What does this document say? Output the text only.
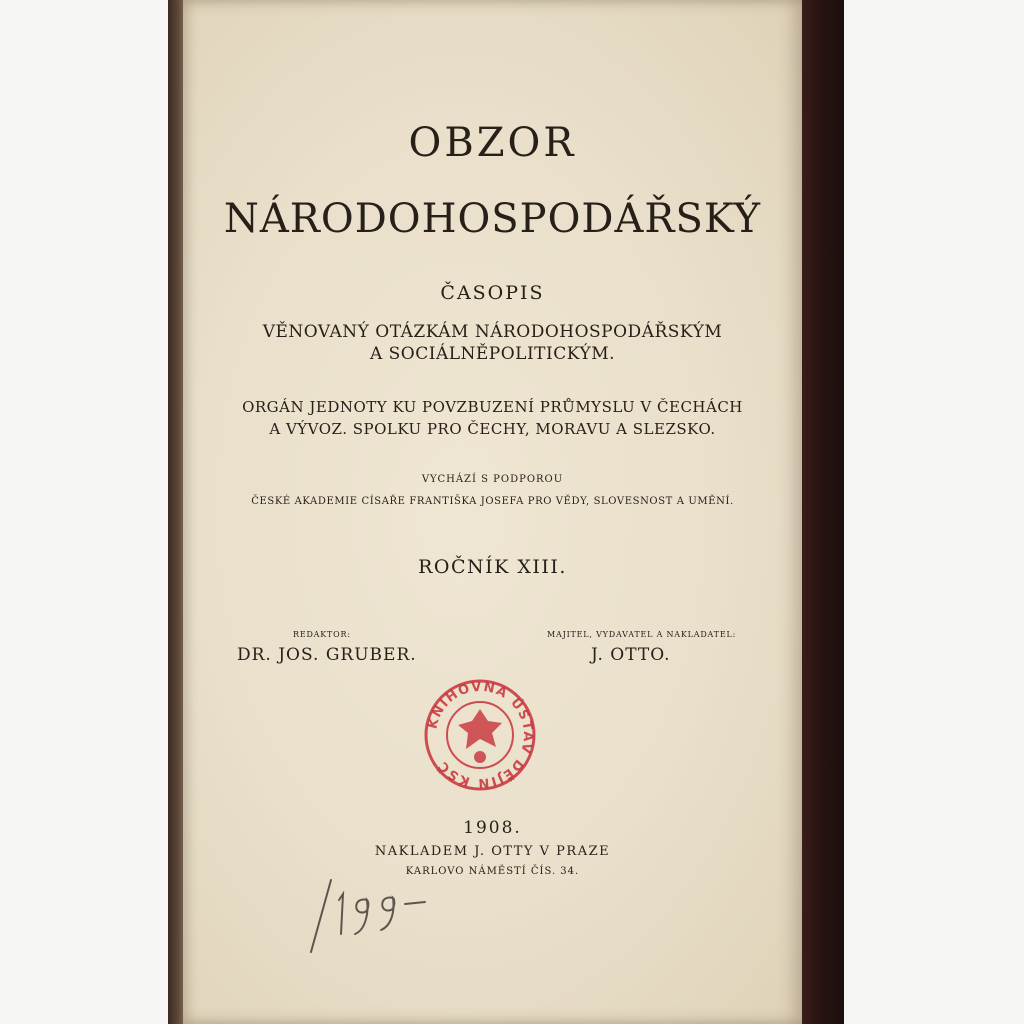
OBZOR
NÁRODOHOSPODÁŘSKÝ
ČASOPIS
VĚNOVANÝ OTÁZKÁM NÁRODOHOSPODÁŘSKÝM
A SOCIÁLNĚPOLITICKÝM.
ORGÁN JEDNOTY KU POVZBUZENÍ PRŮMYSLU V ČECHÁCH
A VÝVOZ. SPOLKU PRO ČECHY, MORAVU A SLEZSKO.
VYCHÁZÍ S PODPOROU
ČESKÉ AKADEMIE CÍSAŘE FRANTIŠKA JOSEFA PRO VĚDY, SLOVESNOST A UMĚNÍ.
ROČNÍK XIII.
REDAKTOR:
DR. JOS. GRUBER.
MAJITEL, VYDAVATEL A NAKLADATEL:
J. OTTO.
KNIHOVNA ÚSTAV DĚJIN KSČ
1908.
NAKLADEM J. OTTY V PRAZE
KARLOVO NÁMĚSTÍ ČÍS. 34.
